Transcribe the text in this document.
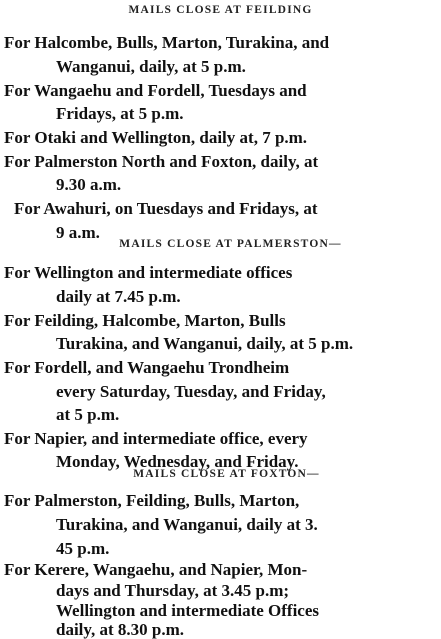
MAILS CLOSE AT FEILDING
For Halcombe, Bulls, Marton, Turakina, and
Wanganui, daily, at 5 p.m.
For Wangaehu and Fordell, Tuesdays and
Fridays, at 5 p.m.
For Otaki and Wellington, daily at, 7 p.m.
For Palmerston North and Foxton, daily, at
9.30 a.m.
For Awahuri, on Tuesdays and Fridays, at
9 a.m.
MAILS CLOSE AT PALMERSTON—
For Wellington and intermediate offices
daily at 7.45 p.m.
For Feilding, Halcombe, Marton, Bulls
Turakina, and Wanganui, daily, at 5 p.m.
For Fordell, and Wangaehu Trondheim
every Saturday, Tuesday, and Friday,
at 5 p.m.
For Napier, and intermediate office, every
Monday, Wednesday, and Friday.
MAILS CLOSE AT FOXTON—
For Palmerston, Feilding, Bulls, Marton,
Turakina, and Wanganui, daily at 3.
45 p.m.
For Kerere, Wangaehu, and Napier, Mon-
days and Thursday, at 3.45 p.m;
Wellington and intermediate Offices
daily, at 8.30 p.m.
